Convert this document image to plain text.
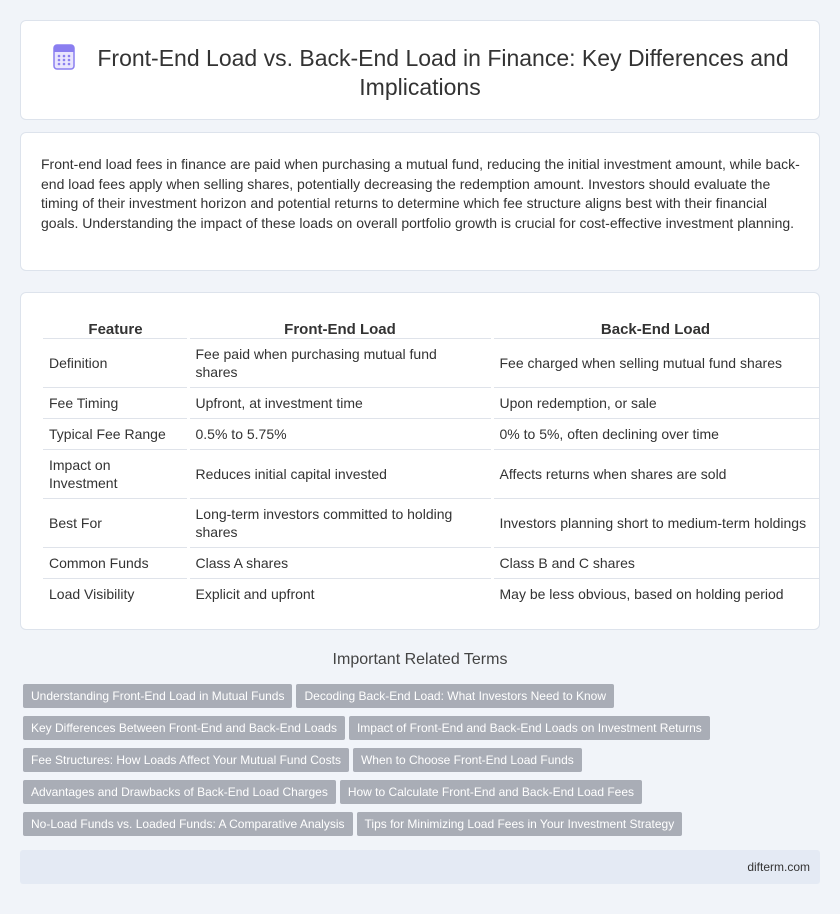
Front-End Load vs. Back-End Load in Finance: Key Differences and Implications

Front-end load fees in finance are paid when purchasing a mutual fund, reducing the initial investment amount, while back-end load fees apply when selling shares, potentially decreasing the redemption amount. Investors should evaluate the timing of their investment horizon and potential returns to determine which fee structure aligns best with their financial goals. Understanding the impact of these loads on overall portfolio growth is crucial for cost-effective investment planning.

Feature	Front-End Load	Back-End Load
Definition	Fee paid when purchasing mutual fund shares	Fee charged when selling mutual fund shares
Fee Timing	Upfront, at investment time	Upon redemption, or sale
Typical Fee Range	0.5% to 5.75%	0% to 5%, often declining over time
Impact on Investment	Reduces initial capital invested	Affects returns when shares are sold
Best For	Long-term investors committed to holding shares	Investors planning short to medium-term holdings
Common Funds	Class A shares	Class B and C shares
Load Visibility	Explicit and upfront	May be less obvious, based on holding period
Important Related Terms
Understanding Front-End Load in Mutual Funds Decoding Back-End Load: What Investors Need to Know
Key Differences Between Front-End and Back-End Loads Impact of Front-End and Back-End Loads on Investment Returns
Fee Structures: How Loads Affect Your Mutual Fund Costs When to Choose Front-End Load Funds
Advantages and Drawbacks of Back-End Load Charges How to Calculate Front-End and Back-End Load Fees
No-Load Funds vs. Loaded Funds: A Comparative Analysis Tips for Minimizing Load Fees in Your Investment Strategy
difterm.com
